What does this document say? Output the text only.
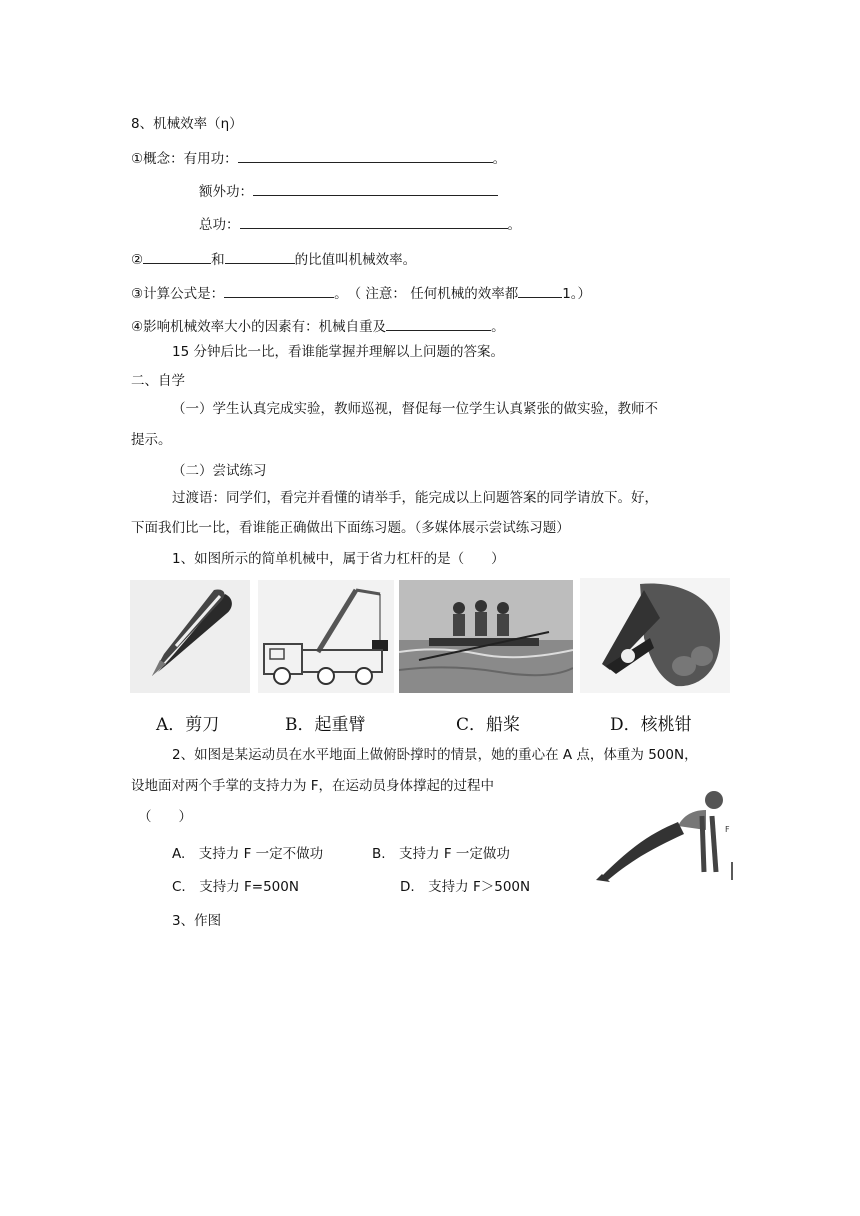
8、机械效率（η）
①概念：有用功：	。
额外功：
总功：	。
②	和	的比值叫机械效率。
③计算公式是：	。　（ 注意： 任何机械的效率都	1。）
④影响机械效率大小的因素有：机械自重及	。
15 分钟后比一比，看谁能掌握并理解以上问题的答案。
二、自学
（一）学生认真完成实验，教师巡视，督促每一位学生认真紧张的做实验，教师不
提示。
（二）尝试练习
过渡语：同学们，看完并看懂的请举手，能完成以上问题答案的同学请放下。好，
下面我们比一比，看谁能正确做出下面练习题。（多媒体展示尝试练习题）
1、如图所示的简单机械中，属于省力杠杆的是（　　）
A．剪刀	B．起重臂	C．船桨	D．核桃钳
2、如图是某运动员在水平地面上做俯卧撑时的情景，她的重心在 A 点，体重为 500N，
设地面对两个手掌的支持力为 F，在运动员身体撑起的过程中
（　　）
A.　支持力 F 一定不做功	B.　支持力 F 一定做功
C.　支持力 F=500N	D.　支持力 F＞500N
F
3、作图
